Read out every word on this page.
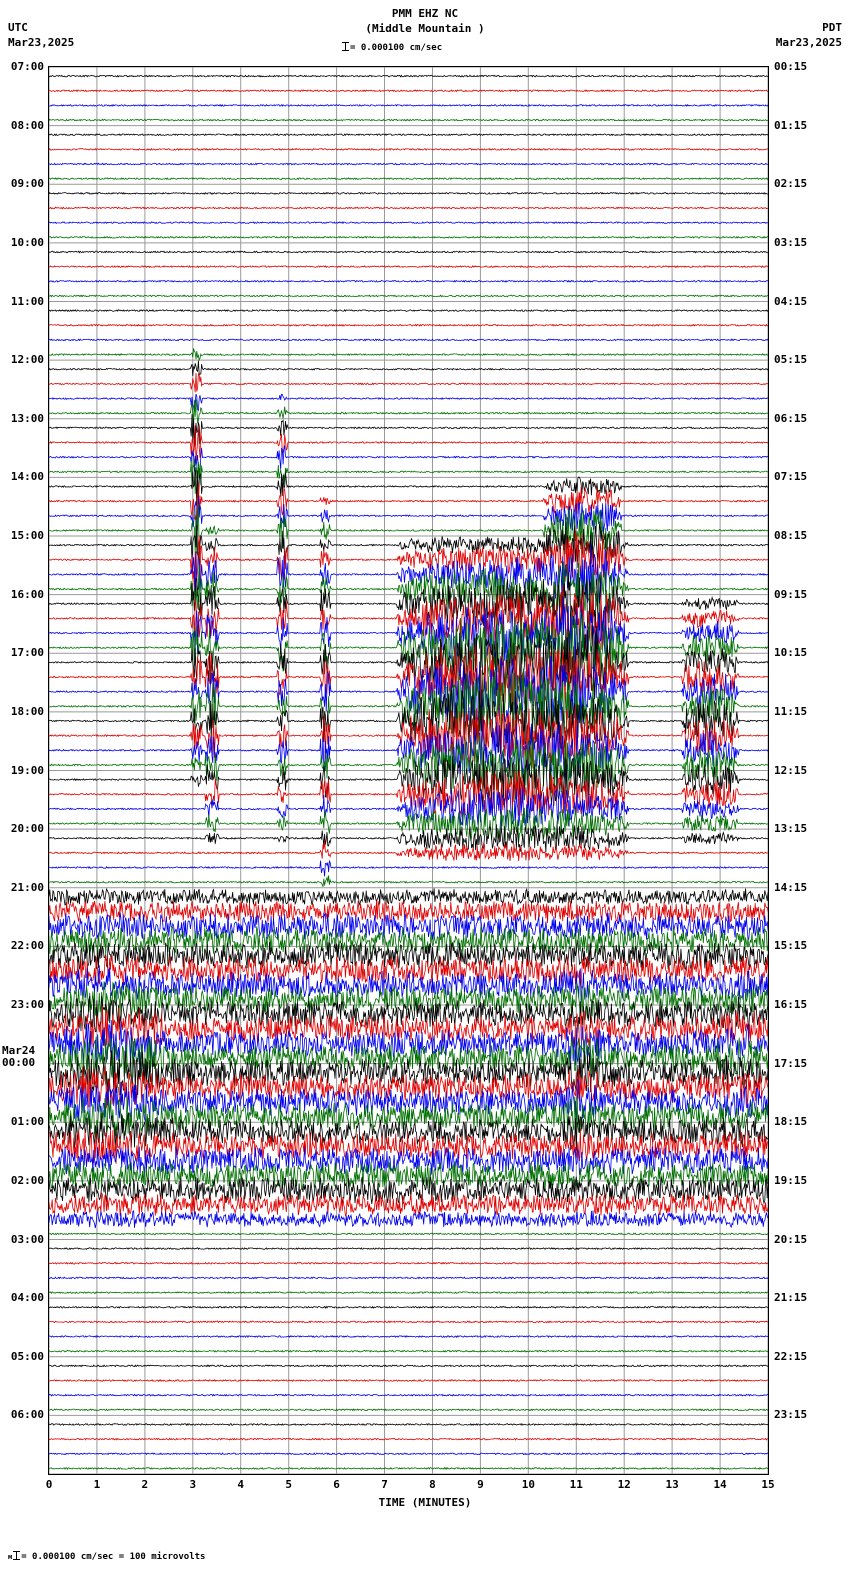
UTC
Mar23,2025
PMM EHZ NC
(Middle Mountain )
= 0.000100 cm/sec
PDT
Mar23,2025
07:00
08:00
09:00
10:00
11:00
12:00
13:00
14:00
15:00
16:00
17:00
18:00
19:00
20:00
21:00
22:00
23:00
Mar24
00:00
01:00
02:00
03:00
04:00
05:00
06:00
00:15
01:15
02:15
03:15
04:15
05:15
06:15
07:15
08:15
09:15
10:15
11:15
12:15
13:15
14:15
15:15
16:15
17:15
18:15
19:15
20:15
21:15
22:15
23:15
0	1	2	3	4	5	6	7	8	9	10	11	12	13	14	15
TIME (MINUTES)
м = 0.000100 cm/sec = 100 microvolts
